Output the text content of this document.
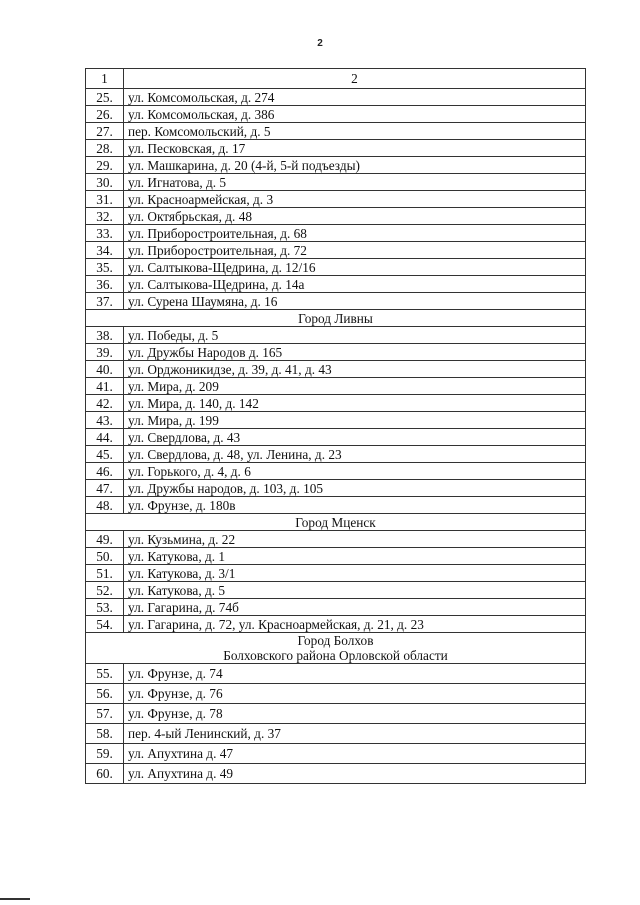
2
1	2
25.	ул. Комсомольская, д. 274
26.	ул. Комсомольская, д. 386
27.	пер. Комсомольский, д. 5
28.	ул. Песковская, д. 17
29.	ул. Машкарина, д. 20 (4-й, 5-й подъезды)
30.	ул. Игнатова, д. 5
31.	ул. Красноармейская, д. 3
32.	ул. Октябрьская, д. 48
33.	ул. Приборостроительная, д. 68
34.	ул. Приборостроительная, д. 72
35.	ул. Салтыкова-Щедрина, д. 12/16
36.	ул. Салтыкова-Щедрина, д. 14а
37.	ул. Сурена Шаумяна, д. 16

Город Ливны	

38.	ул. Победы, д. 5
39.	ул. Дружбы Народов д. 165
40.	ул. Орджоникидзе, д. 39, д. 41, д. 43
41.	ул. Мира, д. 209
42.	ул. Мира, д. 140, д. 142
43.	ул. Мира, д. 199
44.	ул. Свердлова, д. 43
45.	ул. Свердлова, д. 48, ул. Ленина, д. 23
46.	ул. Горького, д. 4, д. 6
47.	ул. Дружбы народов, д. 103, д. 105
48.	ул. Фрунзе, д. 180в

Город Мценск	

49.	ул. Кузьмина, д. 22
50.	ул. Катукова, д. 1
51.	ул. Катукова, д. 3/1
52.	ул. Катукова, д. 5
53.	ул. Гагарина, д. 74б
54.	ул. Гагарина, д. 72, ул. Красноармейская, д. 21, д. 23

Город Болхов
Болховского района Орловской области	

55.	ул. Фрунзе, д. 74
56.	ул. Фрунзе, д. 76
57.	ул. Фрунзе, д. 78
58.	пер. 4-ый Ленинский, д. 37
59.	ул. Апухтина д. 47
60.	ул. Апухтина д. 49
